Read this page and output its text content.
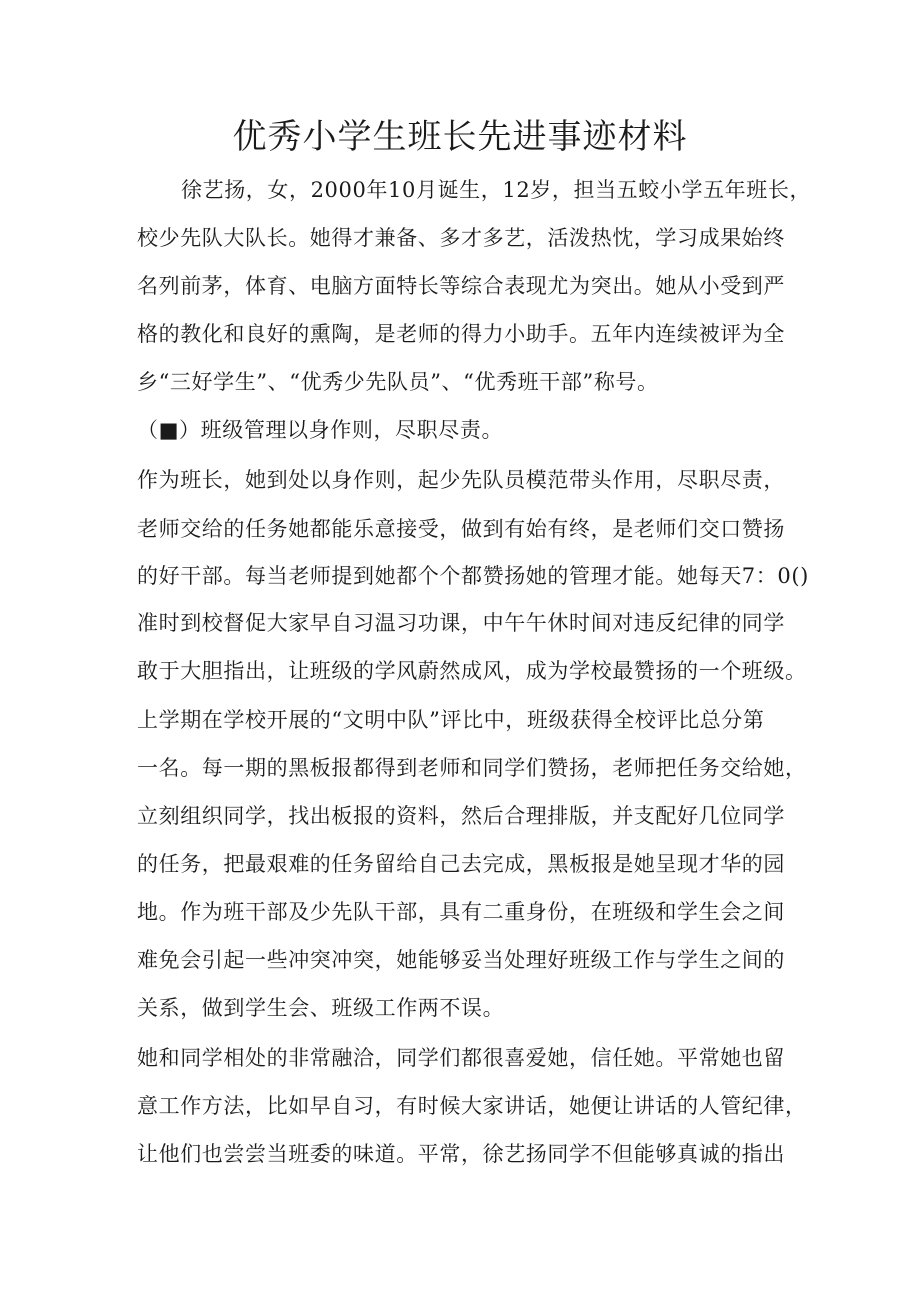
优秀小学生班长先进事迹材料
徐艺扬，女，2000年10月诞生，12岁，担当五蛟小学五年班长，
校少先队大队长。她得才兼备、多才多艺，活泼热忱，学习成果始终
名列前茅，体育、电脑方面特长等综合表现尤为突出。她从小受到严
格的教化和良好的熏陶，是老师的得力小助手。五年内连续被评为全
乡“三好学生”、“优秀少先队员”、“优秀班干部”称号。
（■）班级管理以身作则，尽职尽责。
作为班长，她到处以身作则，起少先队员模范带头作用，尽职尽责，
老师交给的任务她都能乐意接受，做到有始有终，是老师们交口赞扬
的好干部。每当老师提到她都个个都赞扬她的管理才能。她每天7：0()
准时到校督促大家早自习温习功课，中午午休时间对违反纪律的同学
敢于大胆指出，让班级的学风蔚然成风，成为学校最赞扬的一个班级。
上学期在学校开展的“文明中队”评比中，班级获得全校评比总分第
一名。每一期的黑板报都得到老师和同学们赞扬，老师把任务交给她，
立刻组织同学，找出板报的资料，然后合理排版，并支配好几位同学
的任务，把最艰难的任务留给自己去完成，黑板报是她呈现才华的园
地。作为班干部及少先队干部，具有二重身份，在班级和学生会之间
难免会引起一些冲突冲突，她能够妥当处理好班级工作与学生之间的
关系，做到学生会、班级工作两不误。
她和同学相处的非常融洽，同学们都很喜爱她，信任她。平常她也留
意工作方法，比如早自习，有时候大家讲话，她便让讲话的人管纪律，
让他们也尝尝当班委的味道。平常，徐艺扬同学不但能够真诚的指出
